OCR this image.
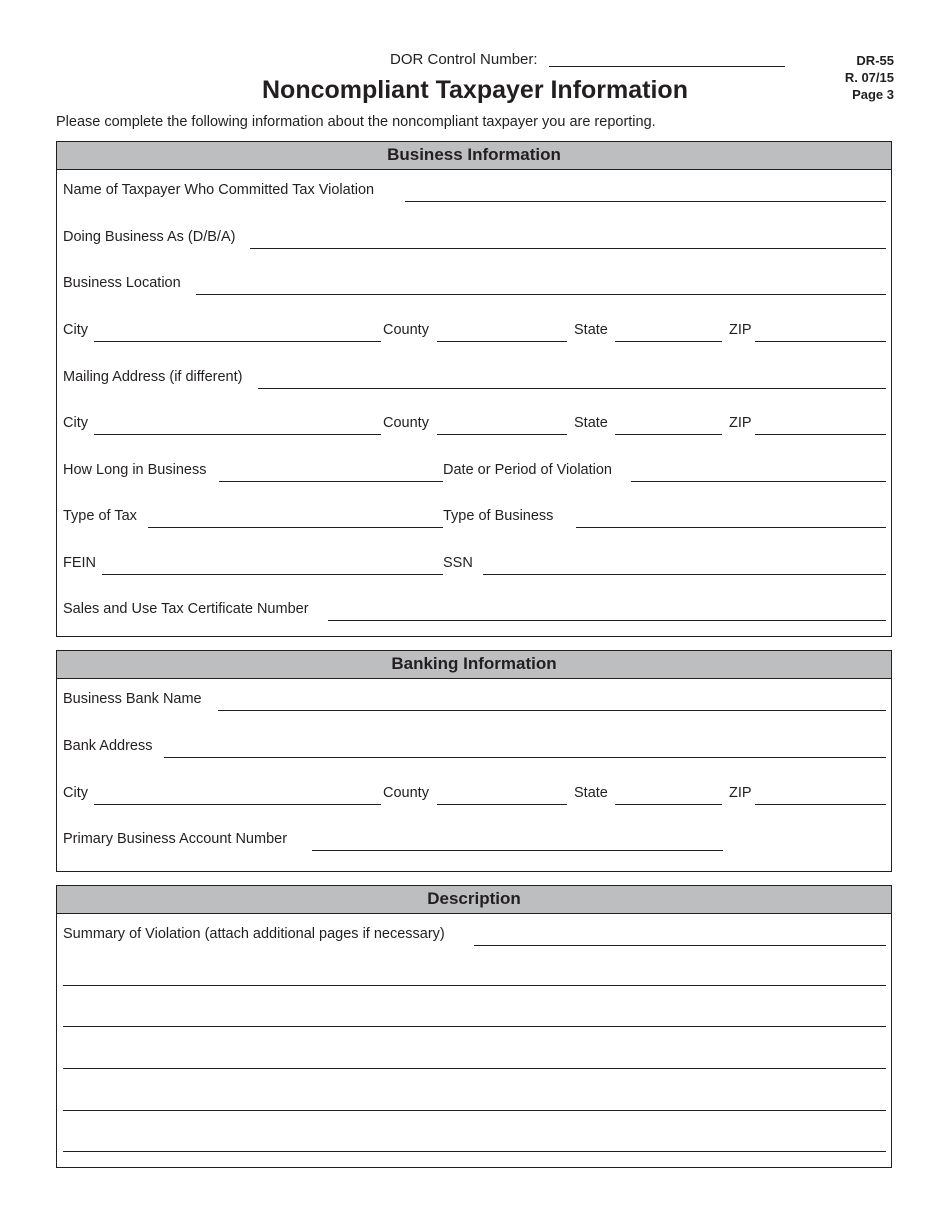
DOR Control Number:	DR-55
R. 07/15
Page 3
Noncompliant Taxpayer Information
Please complete the following information about the noncompliant taxpayer you are reporting.
Business Information
Name of Taxpayer Who Committed Tax Violation
Doing Business As (D/B/A)
Business Location
City	County	State	ZIP
Mailing Address (if different)
City	County	State	ZIP
How Long in Business	Date or Period of Violation
Type of Tax	Type of Business
FEIN	SSN
Sales and Use Tax Certificate Number
Banking Information
Business Bank Name
Bank Address
City	County	State	ZIP
Primary Business Account Number
Description
Summary of Violation (attach additional pages if necessary)
